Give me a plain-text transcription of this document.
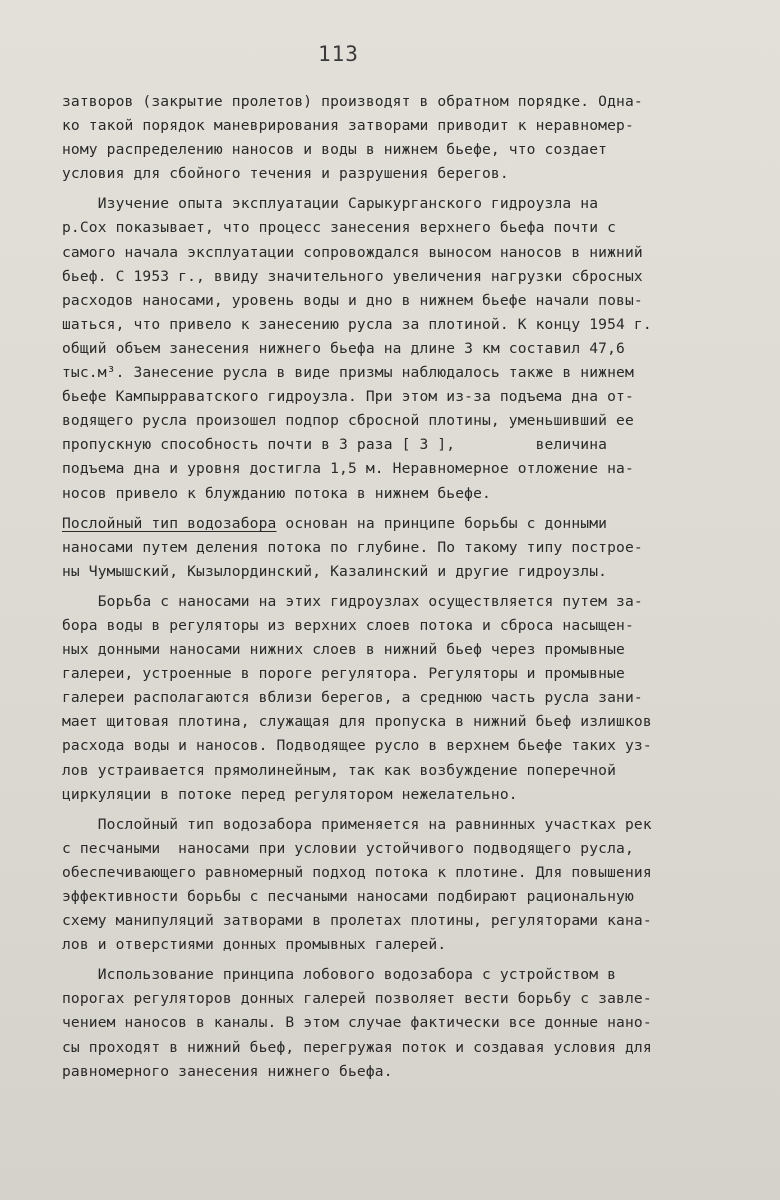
113
затворов (закрытие пролетов) производят в обратном порядке. Одна-
ко такой порядок маневрирования затворами приводит к неравномер-
ному распределению наносов и воды в нижнем бьефе, что создает
условия для сбойного течения и разрушения берегов.
Изучение опыта эксплуатации Сарыкурганского гидроузла на
р.Сох показывает, что процесс занесения верхнего бьефа почти с
самого начала эксплуатации сопровождался выносом наносов в нижний
бьеф. С 1953 г., ввиду значительного увеличения нагрузки сбросных
расходов наносами, уровень воды и дно в нижнем бьефе начали повы-
шаться, что привело к занесению русла за плотиной. К концу 1954 г.
общий объем занесения нижнего бьефа на длине 3 км составил 47,6
тыс.м³. Занесение русла в виде призмы наблюдалось также в нижнем
бьефе Кампырраватского гидроузла. При этом из-за подъема дна от-
водящего русла произошел подпор сбросной плотины, уменьшивший ее
пропускную способность почти в 3 раза [ 3 ],         величина
подъема дна и уровня достигла 1,5 м. Неравномерное отложение на-
носов привело к блужданию потока в нижнем бьефе.
Послойный тип водозабора основан на принципе борьбы с донными
наносами путем деления потока по глубине. По такому типу построе-
ны Чумышский, Кызылординский, Казалинский и другие гидроузлы.
Борьба с наносами на этих гидроузлах осуществляется путем за-
бора воды в регуляторы из верхних слоев потока и сброса насыщен-
ных донными наносами нижних слоев в нижний бьеф через промывные
галереи, устроенные в пороге регулятора. Регуляторы и промывные
галереи располагаются вблизи берегов, а среднюю часть русла зани-
мает щитовая плотина, служащая для пропуска в нижний бьеф излишков
расхода воды и наносов. Подводящее русло в верхнем бьефе таких уз-
лов устраивается прямолинейным, так как возбуждение поперечной
циркуляции в потоке перед регулятором нежелательно.
Послойный тип водозабора применяется на равнинных участках рек
с песчаными  наносами при условии устойчивого подводящего русла,
обеспечивающего равномерный подход потока к плотине. Для повышения
эффективности борьбы с песчаными наносами подбирают рациональную
схему манипуляций затворами в пролетах плотины, регуляторами кана-
лов и отверстиями донных промывных галерей.
Использование принципа лобового водозабора с устройством в
порогах регуляторов донных галерей позволяет вести борьбу с завле-
чением наносов в каналы. В этом случае фактически все донные нано-
сы проходят в нижний бьеф, перегружая поток и создавая условия для
равномерного занесения нижнего бьефа.
